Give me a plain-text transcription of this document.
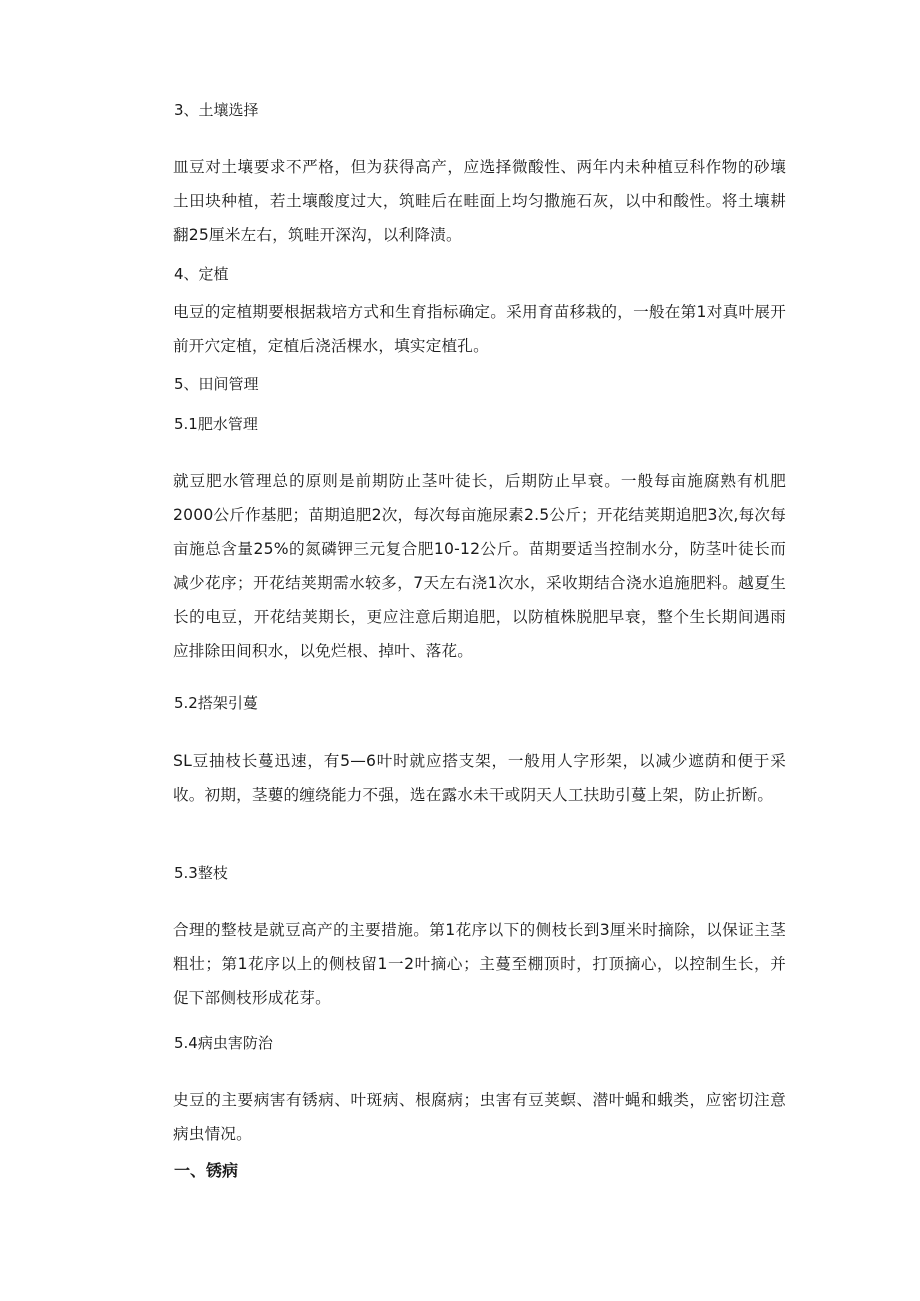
3、土壤选择
皿豆对土壤要求不严格，但为获得高产，应选择微酸性、两年内未种植豆科作物的砂壤土田块种植，若土壤酸度过大，筑畦后在畦面上均匀撒施石灰，以中和酸性。将土壤耕翻25厘米左右，筑畦开深沟，以利降渍。
4、定植
电豆的定植期要根据栽培方式和生育指标确定。采用育苗移栽的，一般在第1对真叶展开前开穴定植，定植后浇活棵水，填实定植孔。
5、田间管理
5.1肥水管理
就豆肥水管理总的原则是前期防止茎叶徒长，后期防止早衰。一般每亩施腐熟有机肥2000公斤作基肥；苗期追肥2次，每次每亩施尿素2.5公斤；开花结荚期追肥3次,每次每亩施总含量25%的氮磷钾三元复合肥10-12公斤。苗期要适当控制水分，防茎叶徒长而减少花序；开花结荚期需水较多，7天左右浇1次水，采收期结合浇水追施肥料。越夏生长的电豆，开花结荚期长，更应注意后期追肥，以防植株脱肥早衰，整个生长期间遇雨应排除田间积水，以免烂根、掉叶、落花。
5.2搭架引蔓
SL豆抽枝长蔓迅速，有5—6叶时就应搭支架，一般用人字形架，以减少遮荫和便于采收。初期，茎蘡的缠绕能力不强，选在露水未干或阴天人工扶助引蔓上架，防止折断。
5.3整枝
合理的整枝是就豆高产的主要措施。第1花序以下的侧枝长到3厘米时摘除，以保证主茎粗壮；第1花序以上的侧枝留1一2叶摘心；主蔓至棚顶时，打顶摘心，以控制生长，并促下部侧枝形成花芽。
5.4病虫害防治
史豆的主要病害有锈病、叶斑病、根腐病；虫害有豆荚螟、潜叶蝇和蛾类，应密切注意病虫情况。
一、锈病
